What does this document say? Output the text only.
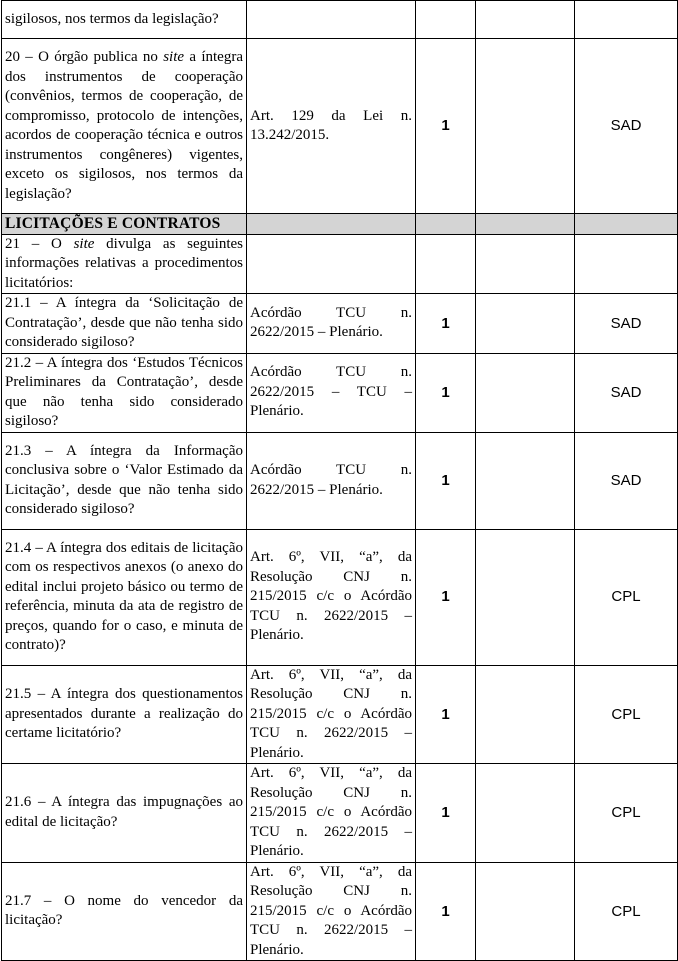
sigilosos, nos termos da legislação?				
20 – O órgão publica no site a íntegra dos instrumentos de cooperação (convênios, termos de cooperação, de compromisso, protocolo de intenções, acordos de cooperação técnica e outros instrumentos congêneres) vigentes, exceto os sigilosos, nos termos da legislação?	Art. 129 da Lei n. 13.242/2015.	1		SAD
LICITAÇÕES E CONTRATOS				
21 – O site divulga as seguintes informações relativas a procedimentos licitatórios:				
21.1 – A íntegra da ‘Solicitação de Contratação’, desde que não tenha sido considerado sigiloso?	Acórdão TCU n. 2622/2015 – Plenário.	1		SAD
21.2 – A íntegra dos ‘Estudos Técnicos Preliminares da Contratação’, desde que não tenha sido considerado sigiloso?	Acórdão TCU n. 2622/2015 – TCU – Plenário.	1		SAD
21.3 – A íntegra da Informação conclusiva sobre o ‘Valor Estimado da Licitação’, desde que não tenha sido considerado sigiloso?	Acórdão TCU n. 2622/2015 – Plenário.	1		SAD
21.4 – A íntegra dos editais de licitação com os respectivos anexos (o anexo do edital inclui projeto básico ou termo de referência, minuta da ata de registro de preços, quando for o caso, e minuta de contrato)?	Art. 6º, VII, “a”, da Resolução CNJ n. 215/2015 c/c o Acórdão TCU n. 2622/2015 – Plenário.	1		CPL
21.5 – A íntegra dos questionamentos apresentados durante a realização do certame licitatório?	Art. 6º, VII, “a”, da Resolução CNJ n. 215/2015 c/c o Acórdão TCU n. 2622/2015 – Plenário.	1		CPL
21.6 – A íntegra das impugnações ao edital de licitação?	Art. 6º, VII, “a”, da Resolução CNJ n. 215/2015 c/c o Acórdão TCU n. 2622/2015 – Plenário.	1		CPL
21.7 – O nome do vencedor da licitação?	Art. 6º, VII, “a”, da Resolução CNJ n. 215/2015 c/c o Acórdão TCU n. 2622/2015 – Plenário.	1		CPL
